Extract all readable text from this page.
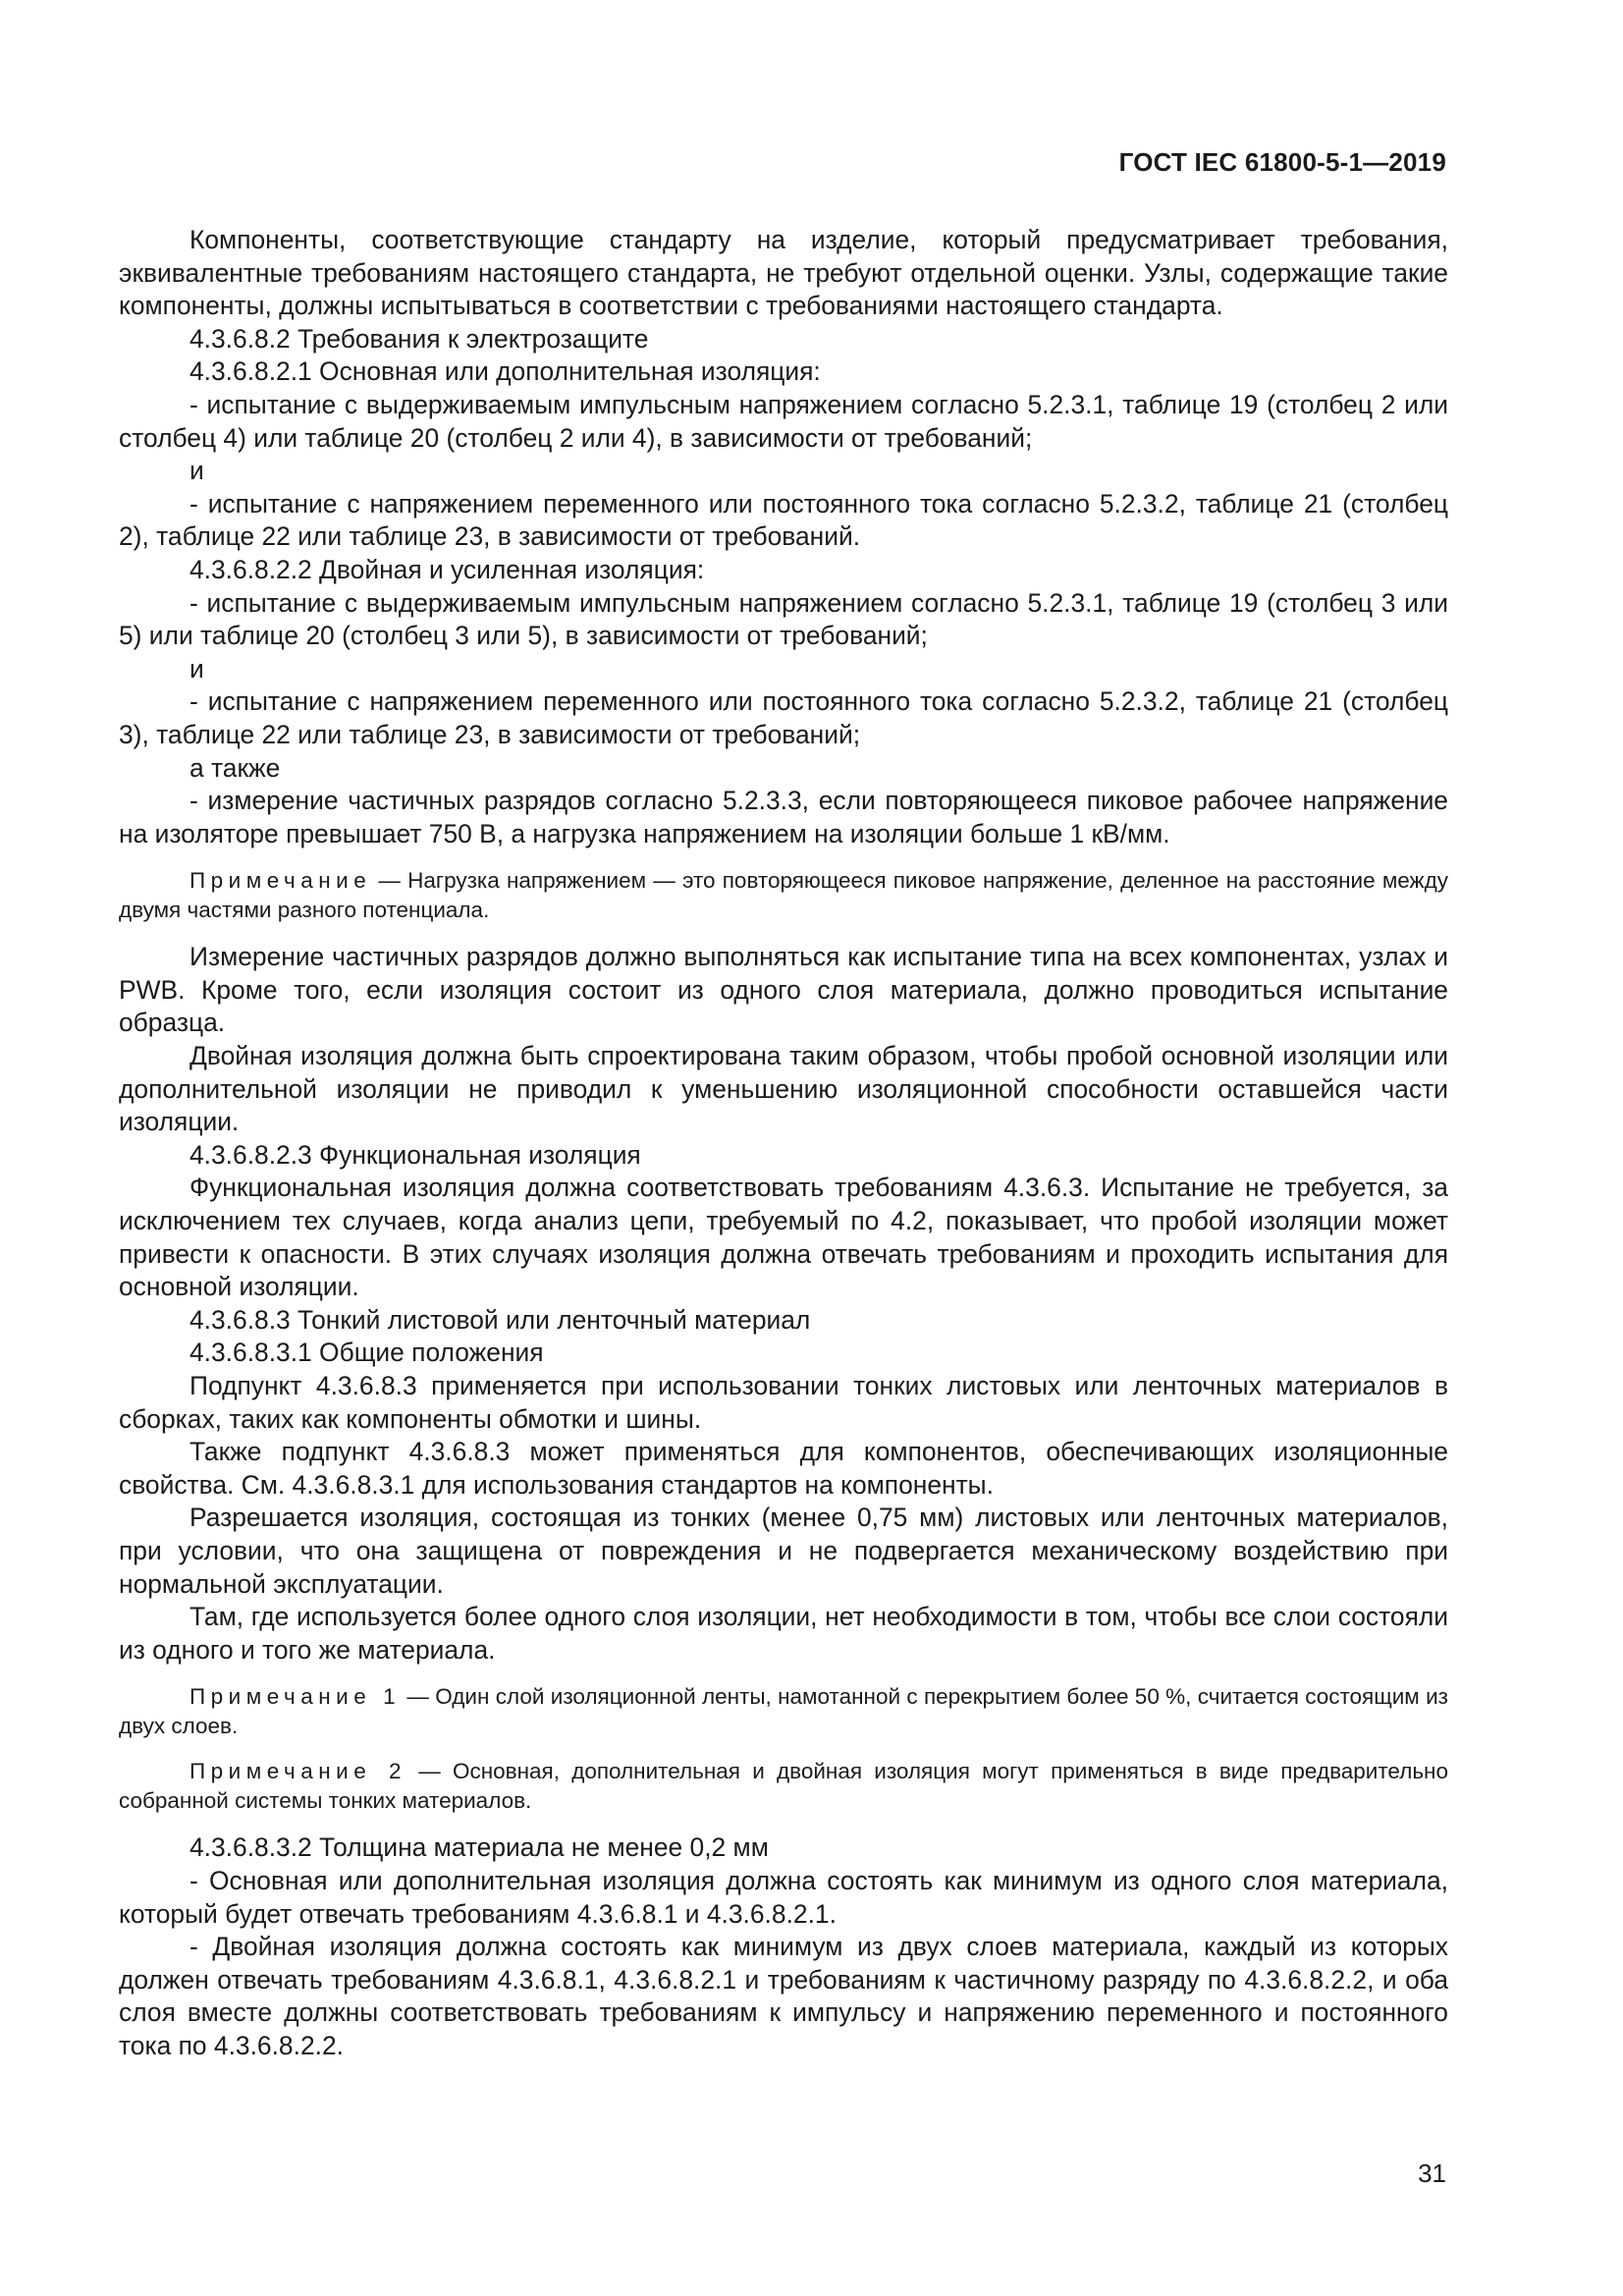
ГОСТ IEC 61800-5-1—2019

Компоненты, соответствующие стандарту на изделие, который предусматривает требования, эквивалентные требованиям настоящего стандарта, не требуют отдельной оценки. Узлы, содержащие такие компоненты, должны испытываться в соответствии с требованиями настоящего стандарта.

4.3.6.8.2 Требования к электрозащите

4.3.6.8.2.1 Основная или дополнительная изоляция:

- испытание с выдерживаемым импульсным напряжением согласно 5.2.3.1, таблице 19 (столбец 2 или столбец 4) или таблице 20 (столбец 2 или 4), в зависимости от требований;

и

- испытание с напряжением переменного или постоянного тока согласно 5.2.3.2, таблице 21 (столбец 2), таблице 22 или таблице 23, в зависимости от требований.

4.3.6.8.2.2 Двойная и усиленная изоляция:

- испытание с выдерживаемым импульсным напряжением согласно 5.2.3.1, таблице 19 (столбец 3 или 5) или таблице 20 (столбец 3 или 5), в зависимости от требований;

и

- испытание с напряжением переменного или постоянного тока согласно 5.2.3.2, таблице 21 (столбец 3), таблице 22 или таблице 23, в зависимости от требований;

а также

- измерение частичных разрядов согласно 5.2.3.3, если повторяющееся пиковое рабочее напряжение на изоляторе превышает 750 В, а нагрузка напряжением на изоляции больше 1 кВ/мм.

Примечание — Нагрузка напряжением — это повторяющееся пиковое напряжение, деленное на расстояние между двумя частями разного потенциала.

Измерение частичных разрядов должно выполняться как испытание типа на всех компонентах, узлах и PWB. Кроме того, если изоляция состоит из одного слоя материала, должно проводиться испытание образца.

Двойная изоляция должна быть спроектирована таким образом, чтобы пробой основной изоляции или дополнительной изоляции не приводил к уменьшению изоляционной способности оставшейся части изоляции.

4.3.6.8.2.3 Функциональная изоляция

Функциональная изоляция должна соответствовать требованиям 4.3.6.3. Испытание не требуется, за исключением тех случаев, когда анализ цепи, требуемый по 4.2, показывает, что пробой изоляции может привести к опасности. В этих случаях изоляция должна отвечать требованиям и проходить испытания для основной изоляции.

4.3.6.8.3 Тонкий листовой или ленточный материал

4.3.6.8.3.1 Общие положения

Подпункт 4.3.6.8.3 применяется при использовании тонких листовых или ленточных материалов в сборках, таких как компоненты обмотки и шины.

Также подпункт 4.3.6.8.3 может применяться для компонентов, обеспечивающих изоляционные свойства. См. 4.3.6.8.3.1 для использования стандартов на компоненты.

Разрешается изоляция, состоящая из тонких (менее 0,75 мм) листовых или ленточных материалов, при условии, что она защищена от повреждения и не подвергается механическому воздействию при нормальной эксплуатации.

Там, где используется более одного слоя изоляции, нет необходимости в том, чтобы все слои состояли из одного и того же материала.

Примечание 1 — Один слой изоляционной ленты, намотанной с перекрытием более 50 %, считается состоящим из двух слоев.

Примечание 2 — Основная, дополнительная и двойная изоляция могут применяться в виде предварительно собранной системы тонких материалов.

4.3.6.8.3.2 Толщина материала не менее 0,2 мм

- Основная или дополнительная изоляция должна состоять как минимум из одного слоя материала, который будет отвечать требованиям 4.3.6.8.1 и 4.3.6.8.2.1.

- Двойная изоляция должна состоять как минимум из двух слоев материала, каждый из которых должен отвечать требованиям 4.3.6.8.1, 4.3.6.8.2.1 и требованиям к частичному разряду по 4.3.6.8.2.2, и оба слоя вместе должны соответствовать требованиям к импульсу и напряжению переменного и постоянного тока по 4.3.6.8.2.2.

31
